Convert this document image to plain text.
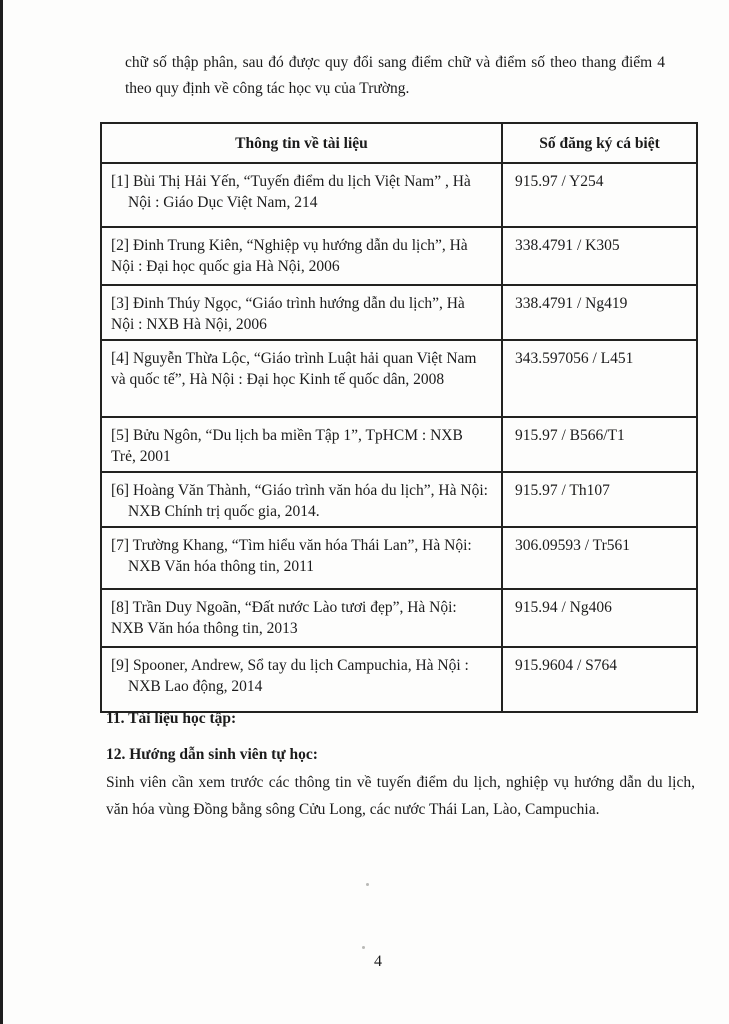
chữ số thập phân, sau đó được quy đổi sang điểm chữ và điểm số theo thang điểm 4 theo quy định về công tác học vụ của Trường.
Thông tin về tài liệu	Số đăng ký cá biệt

[1] Bùi Thị Hải Yến, “Tuyến điểm du lịch Việt Nam” , Hà Nội : Giáo Dục Việt Nam, 214	915.97 / Y254

[2] Đinh Trung Kiên, “Nghiệp vụ hướng dẫn du lịch”, Hà Nội : Đại học quốc gia Hà Nội, 2006	338.4791 / K305

[3] Đinh Thúy Ngọc, “Giáo trình hướng dẫn du lịch”, Hà Nội : NXB Hà Nội, 2006	338.4791 / Ng419

[4] Nguyễn Thừa Lộc, “Giáo trình Luật hải quan Việt Nam và quốc tế”, Hà Nội : Đại học Kinh tế quốc dân, 2008	343.597056 / L451

[5] Bửu Ngôn, “Du lịch ba miền Tập 1”, TpHCM : NXB Trẻ, 2001	915.97 / B566/T1

[6] Hoàng Văn Thành, “Giáo trình văn hóa du lịch”, Hà Nội: NXB Chính trị quốc gia, 2014.	915.97 / Th107

[7] Trường Khang, “Tìm hiểu văn hóa Thái Lan”, Hà Nội: NXB Văn hóa thông tin, 2011	306.09593 / Tr561

[8] Trần Duy Ngoãn, “Đất nước Lào tươi đẹp”, Hà Nội: NXB Văn hóa thông tin, 2013	915.94 / Ng406

[9] Spooner, Andrew, Sổ tay du lịch Campuchia, Hà Nội : NXB Lao động, 2014	915.9604 / S764
11. Tài liệu học tập:
12. Hướng dẫn sinh viên tự học:
Sinh viên cần xem trước các thông tin về tuyến điểm du lịch, nghiệp vụ hướng dẫn du lịch, văn hóa vùng Đồng bằng sông Cửu Long, các nước Thái Lan, Lào, Campuchia.
4
